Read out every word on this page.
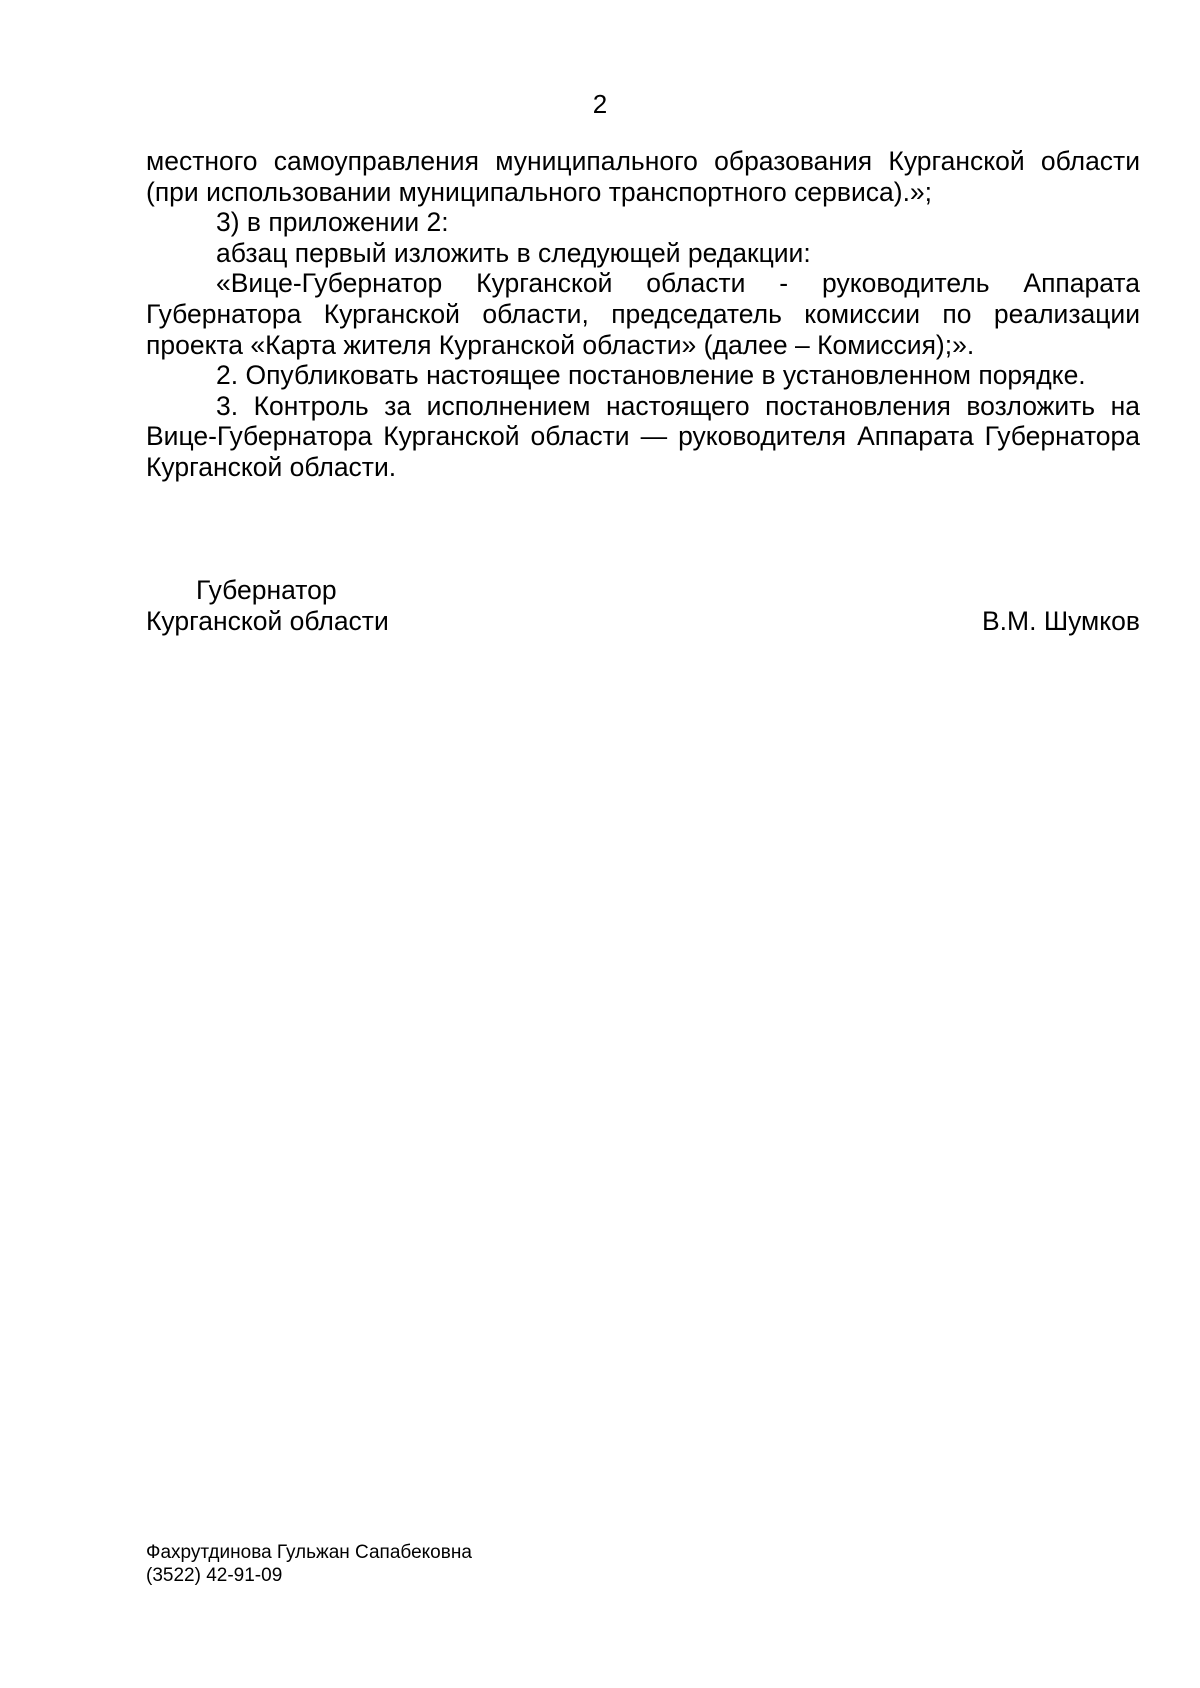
2

местного самоуправления муниципального образования Курганской области
(при использовании муниципального транспортного сервиса).»;

3) в приложении 2:

абзац первый изложить в следующей редакции:

«Вице-Губернатор Курганской области - руководитель Аппарата
Губернатора Курганской области, председатель комиссии по реализации
проекта «Карта жителя Курганской области» (далее – Комиссия);».

2. Опубликовать настоящее постановление в установленном порядке.

3. Контроль за исполнением настоящего постановления возложить на
Вице-Губернатора Курганской области — руководителя Аппарата Губернатора
Курганской области.

Губернатор
Курганской области	В.М. Шумков
Фахрутдинова Гульжан Сапабековна
(3522) 42-91-09
